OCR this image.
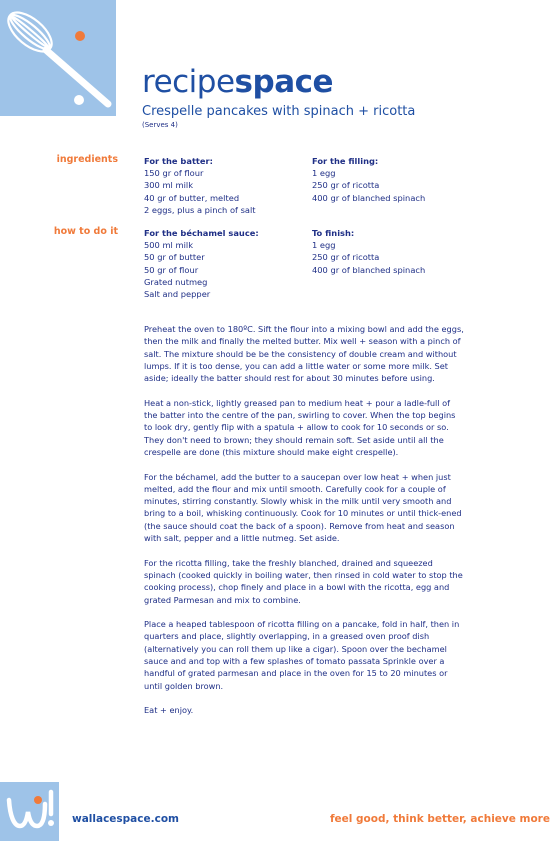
recipespace
Crespelle pancakes with spinach + ricotta
(Serves 4)
ingredients
how to do it
For the batter:
150 gr of flour
300 ml milk
40 gr of butter, melted
2 eggs, plus a pinch of salt
For the filling:
1 egg
250 gr of ricotta
400 gr of blanched spinach
For the béchamel sauce:
500 ml milk
50 gr of butter
50 gr of flour
Grated nutmeg
Salt and pepper
To finish:
1 egg
250 gr of ricotta
400 gr of blanched spinach

Preheat the oven to 180ºC. Sift the flour into a mixing bowl and add the eggs, then the milk and finally the melted butter. Mix well + season with a pinch of salt. The mixture should be be the consistency of double cream and without lumps. If it is too dense, you can add a little water or some more milk. Set aside; ideally the batter should rest for about 30 minutes before using.

Heat a non-stick, lightly greased pan to medium heat + pour a ladle-full of the batter into the centre of the pan, swirling to cover. When the top begins to look dry, gently flip with a spatula + allow to cook for 10 seconds or so. They don't need to brown; they should remain soft. Set aside until all the crespelle are done (this mixture should make eight crespelle).

For the béchamel, add the butter to a saucepan over low heat + when just melted, add the flour and mix until smooth. Carefully cook for a couple of minutes, stirring constantly. Slowly whisk in the milk until very smooth and bring to a boil, whisking continuously. Cook for 10 minutes or until thick-ened (the sauce should coat the back of a spoon). Remove from heat and season with salt, pepper and a little nutmeg. Set aside.

For the ricotta filling, take the freshly blanched, drained and squeezed spinach (cooked quickly in boiling water, then rinsed in cold water to stop the cooking process), chop finely and place in a bowl with the ricotta, egg and grated Parmesan and mix to combine.

Place a heaped tablespoon of ricotta filling on a pancake, fold in half, then in quarters and place, slightly overlapping, in a greased oven proof dish (alternatively you can roll them up like a cigar). Spoon over the bechamel sauce and and top with a few splashes of tomato passata Sprinkle over a handful of grated parmesan and place in the oven for 15 to 20 minutes or until golden brown.

Eat + enjoy.

wallacespace.com	feel good, think better, achieve more
